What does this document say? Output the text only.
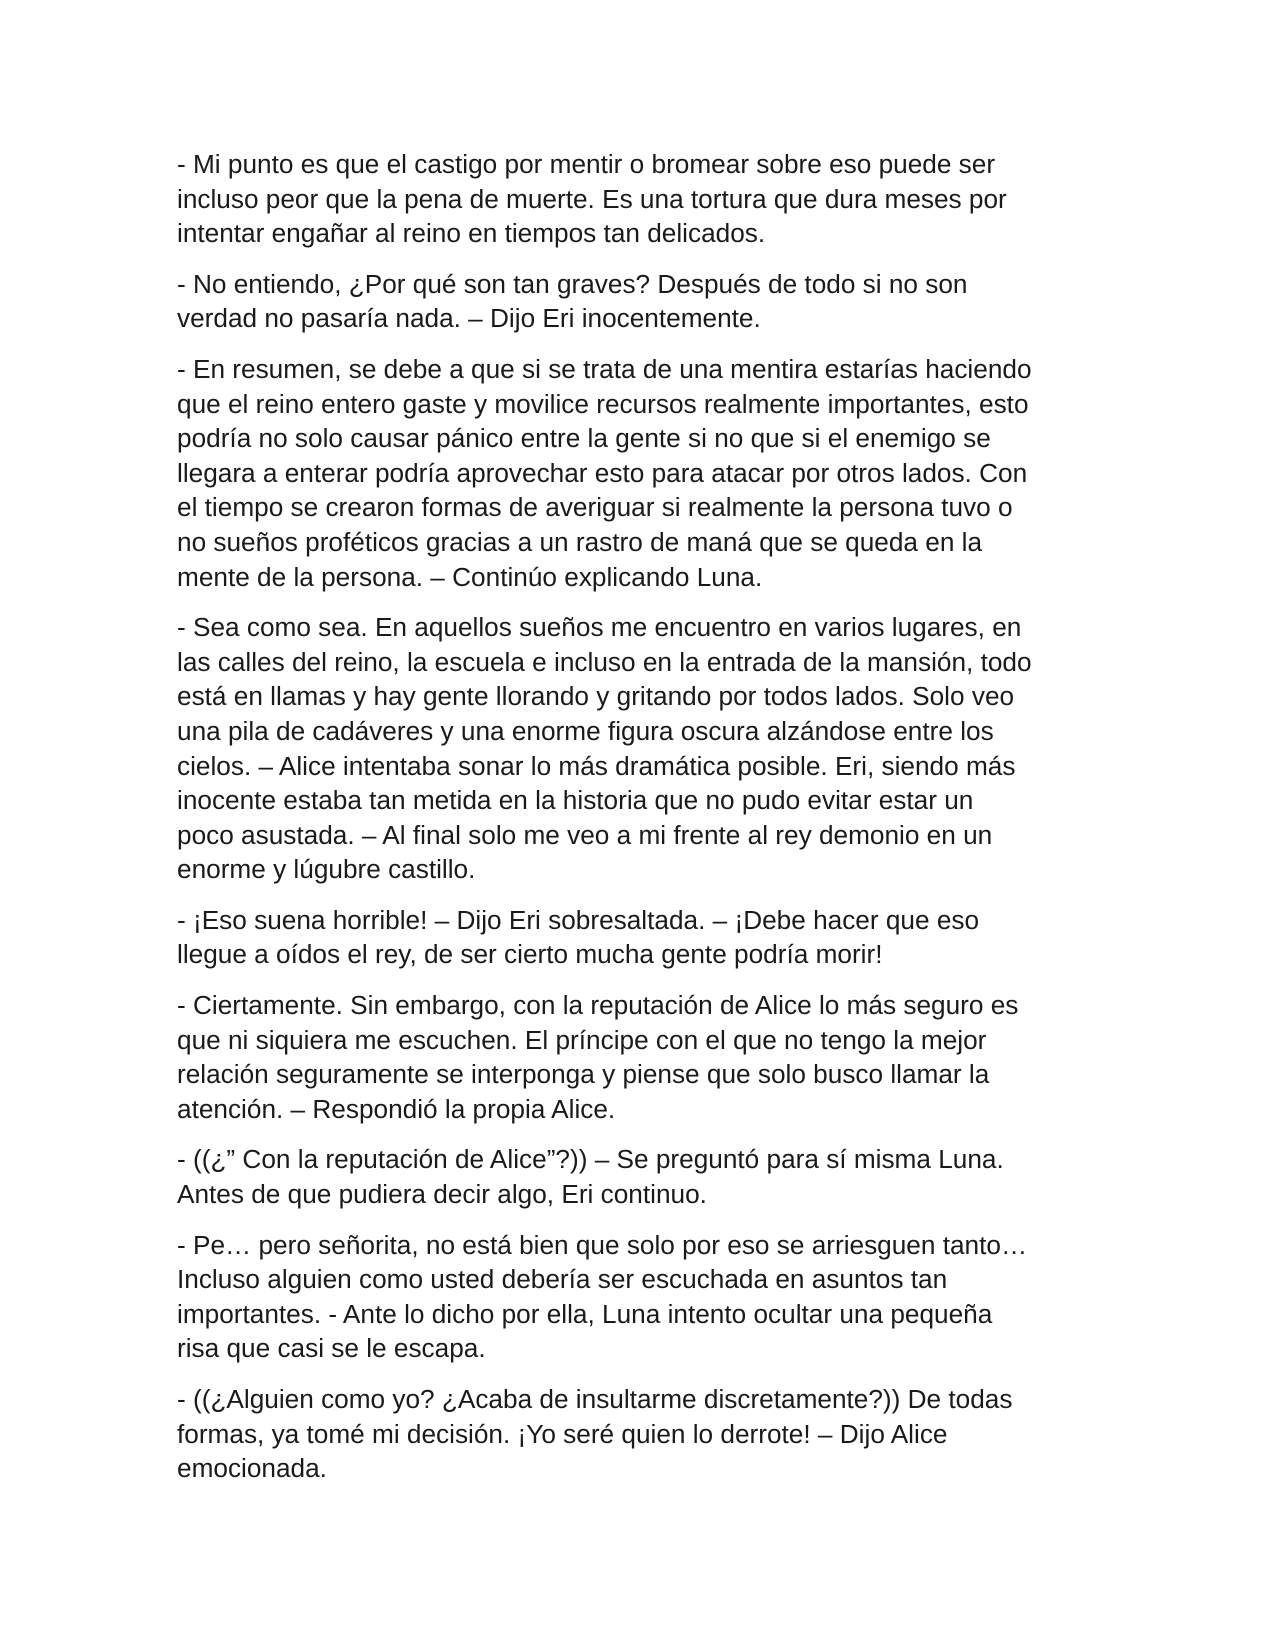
- Mi punto es que el castigo por mentir o bromear sobre eso puede ser
incluso peor que la pena de muerte. Es una tortura que dura meses por
intentar engañar al reino en tiempos tan delicados.

- No entiendo, ¿Por qué son tan graves? Después de todo si no son
verdad no pasaría nada. – Dijo Eri inocentemente.

- En resumen, se debe a que si se trata de una mentira estarías haciendo
que el reino entero gaste y movilice recursos realmente importantes, esto
podría no solo causar pánico entre la gente si no que si el enemigo se
llegara a enterar podría aprovechar esto para atacar por otros lados. Con
el tiempo se crearon formas de averiguar si realmente la persona tuvo o
no sueños proféticos gracias a un rastro de maná que se queda en la
mente de la persona. – Continúo explicando Luna.

- Sea como sea. En aquellos sueños me encuentro en varios lugares, en
las calles del reino, la escuela e incluso en la entrada de la mansión, todo
está en llamas y hay gente llorando y gritando por todos lados. Solo veo
una pila de cadáveres y una enorme figura oscura alzándose entre los
cielos. – Alice intentaba sonar lo más dramática posible. Eri, siendo más
inocente estaba tan metida en la historia que no pudo evitar estar un
poco asustada. – Al final solo me veo a mi frente al rey demonio en un
enorme y lúgubre castillo.

- ¡Eso suena horrible! – Dijo Eri sobresaltada. – ¡Debe hacer que eso
llegue a oídos el rey, de ser cierto mucha gente podría morir!

- Ciertamente. Sin embargo, con la reputación de Alice lo más seguro es
que ni siquiera me escuchen. El príncipe con el que no tengo la mejor
relación seguramente se interponga y piense que solo busco llamar la
atención. – Respondió la propia Alice.

- ((¿” Con la reputación de Alice”?)) – Se preguntó para sí misma Luna.
Antes de que pudiera decir algo, Eri continuo.

- Pe… pero señorita, no está bien que solo por eso se arriesguen tanto…
Incluso alguien como usted debería ser escuchada en asuntos tan
importantes. - Ante lo dicho por ella, Luna intento ocultar una pequeña
risa que casi se le escapa.

- ((¿Alguien como yo? ¿Acaba de insultarme discretamente?)) De todas
formas, ya tomé mi decisión. ¡Yo seré quien lo derrote! – Dijo Alice
emocionada.
